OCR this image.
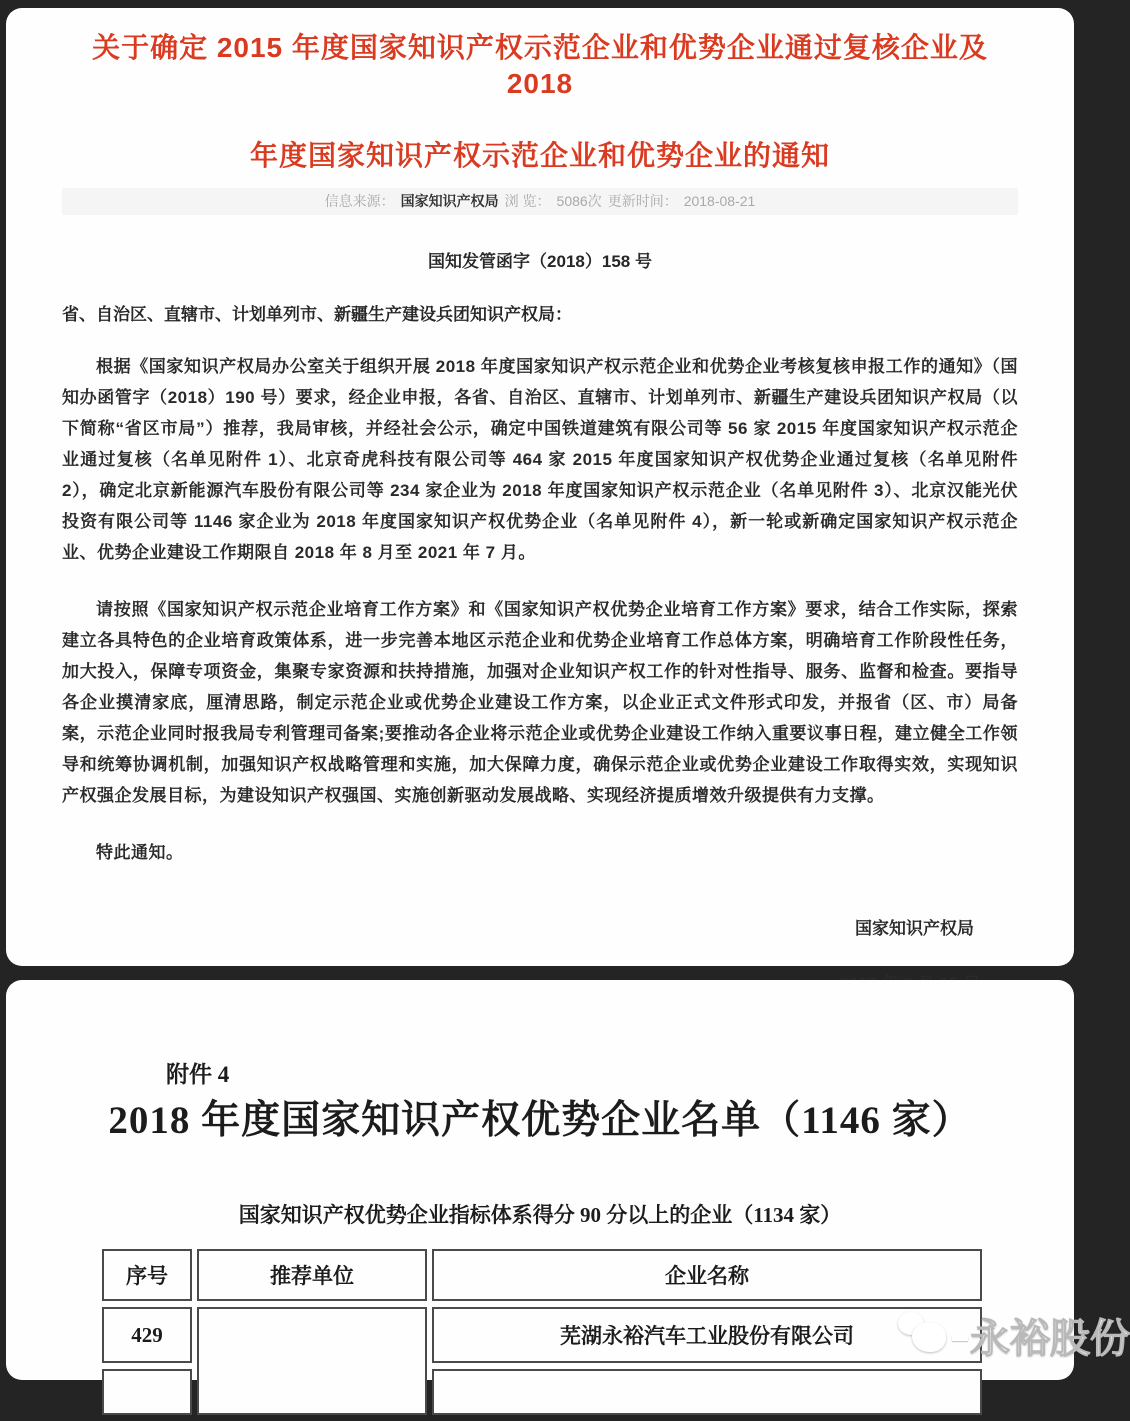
关于确定 2015 年度国家知识产权示范企业和优势企业通过复核企业及 2018
年度国家知识产权示范企业和优势企业的通知
信息来源： 国家知识产权局 浏 览： 5086次 更新时间： 2018-08-21
国知发管函字（2018）158 号
省、自治区、直辖市、计划单列市、新疆生产建设兵团知识产权局：
根据《国家知识产权局办公室关于组织开展 2018 年度国家知识产权示范企业和优势企业考核复核申报工作的通知》（国知办函管字（2018）190 号）要求，经企业申报，各省、自治区、直辖市、计划单列市、新疆生产建设兵团知识产权局（以下简称“省区市局”）推荐，我局审核，并经社会公示，确定中国铁道建筑有限公司等 56 家 2015 年度国家知识产权示范企业通过复核（名单见附件 1）、北京奇虎科技有限公司等 464 家 2015 年度国家知识产权优势企业通过复核（名单见附件 2），确定北京新能源汽车股份有限公司等 234 家企业为 2018 年度国家知识产权示范企业（名单见附件 3）、北京汉能光伏投资有限公司等 1146 家企业为 2018 年度国家知识产权优势企业（名单见附件 4），新一轮或新确定国家知识产权示范企业、优势企业建设工作期限自 2018 年 8 月至 2021 年 7 月。
请按照《国家知识产权示范企业培育工作方案》和《国家知识产权优势企业培育工作方案》要求，结合工作实际，探索建立各具特色的企业培育政策体系，进一步完善本地区示范企业和优势企业培育工作总体方案，明确培育工作阶段性任务，加大投入，保障专项资金，集聚专家资源和扶持措施，加强对企业知识产权工作的针对性指导、服务、监督和检查。要指导各企业摸清家底，厘清思路，制定示范企业或优势企业建设工作方案，以企业正式文件形式印发，并报省（区、市）局备案，示范企业同时报我局专利管理司备案;要推动各企业将示范企业或优势企业建设工作纳入重要议事日程，建立健全工作领导和统筹协调机制，加强知识产权战略管理和实施，加大保障力度，确保示范企业或优势企业建设工作取得实效，实现知识产权强企发展目标，为建设知识产权强国、实施创新驱动发展战略、实现经济提质增效升级提供有力支撑。
特此通知。
国家知识产权局
附件 4
2018 年度国家知识产权优势企业名单（1146 家）
国家知识产权优势企业指标体系得分 90 分以上的企业（1134 家）
序号	推荐单位	企业名称
429		芜湖永裕汽车工业股份有限公司
		永裕股份
